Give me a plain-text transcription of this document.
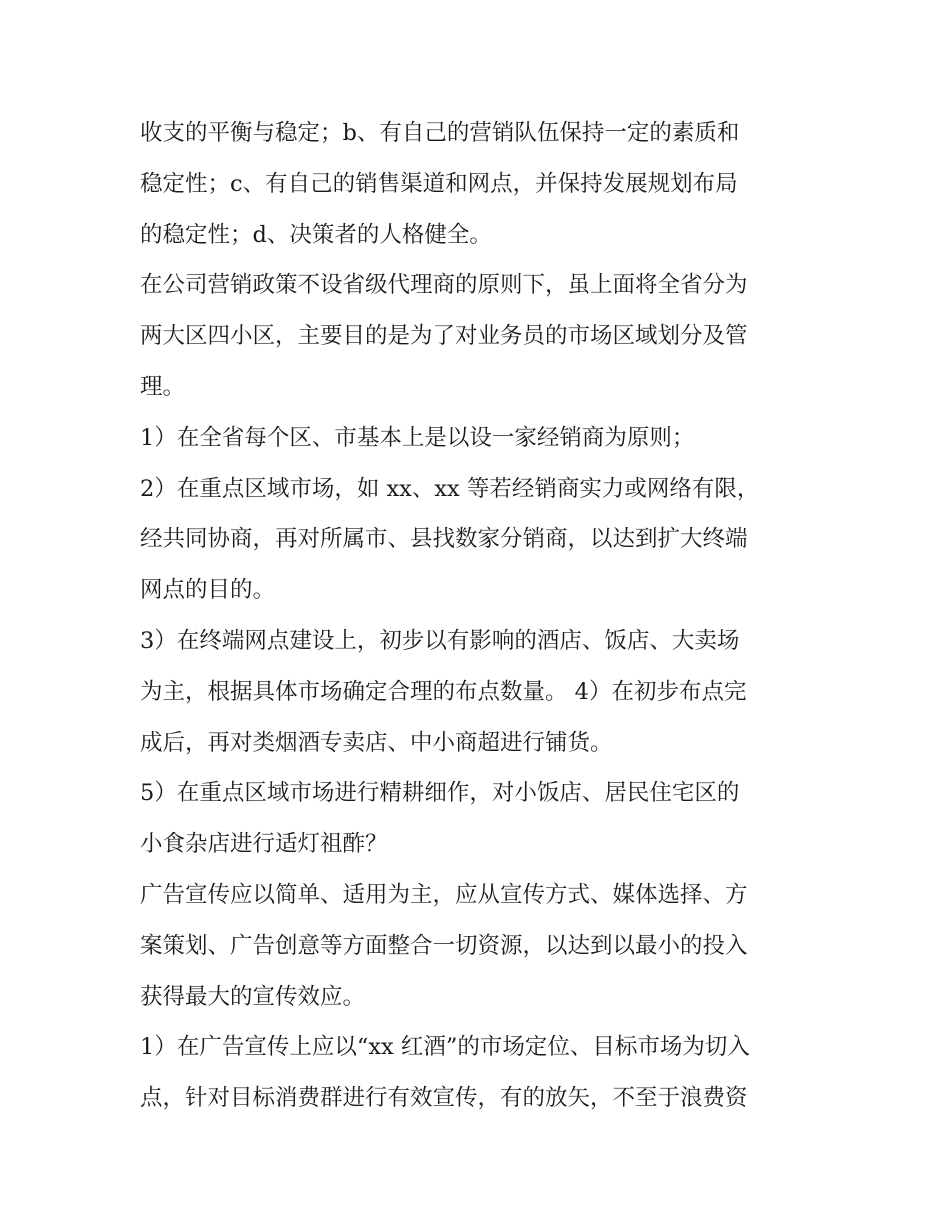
收支的平衡与稳定；b、有自己的营销队伍保持一定的素质和
稳定性；c、有自己的销售渠道和网点，并保持发展规划布局
的稳定性；d、决策者的人格健全。
在公司营销政策不设省级代理商的原则下，虽上面将全省分为
两大区四小区，主要目的是为了对业务员的市场区域划分及管
理。
1）在全省每个区、市基本上是以设一家经销商为原则；
2）在重点区域市场，如 xx、xx 等若经销商实力或网络有限，
经共同协商，再对所属市、县找数家分销商，以达到扩大终端
网点的目的。
3）在终端网点建设上，初步以有影响的酒店、饭店、大卖场
为主，根据具体市场确定合理的布点数量。 4）在初步布点完
成后，再对类烟酒专卖店、中小商超进行铺货。
5）在重点区域市场进行精耕细作，对小饭店、居民住宅区的
小食杂店进行适灯祖酢？
广告宣传应以简单、适用为主，应从宣传方式、媒体选择、方
案策划、广告创意等方面整合一切资源，以达到以最小的投入
获得最大的宣传效应。
1）在广告宣传上应以“xx 红酒”的市场定位、目标市场为切入
点，针对目标消费群进行有效宣传，有的放矢，不至于浪费资
